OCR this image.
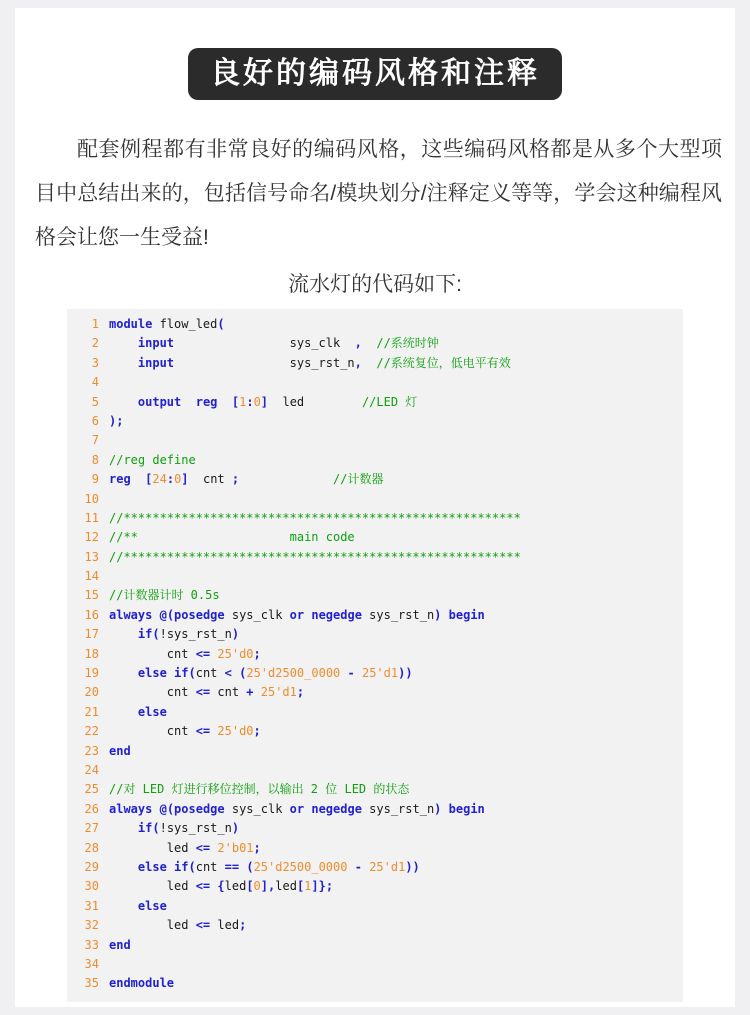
良好的编码风格和注释

配套例程都有非常良好的编码风格，这些编码风格都是从多个大型项目中总结出来的，包括信号命名/模块划分/注释定义等等，学会这种编程风格会让您一生受益!

流水灯的代码如下:
1 module flow_led(
2	input	sys_clk  , //系统时钟
3	input	sys_rst_n, //系统复位，低电平有效
4
5	output reg [1:0]  led	//LED 灯
6 );
7
8 //reg define
9 reg [24:0]  cnt ;	//计数器
10
11 //*******************************************************
12 //**                     main code
13 //*******************************************************
14
15 //计数器计时 0.5s
16 always @(posedge sys_clk or negedge sys_rst_n) begin
17	if(!sys_rst_n)
18        cnt <= 25'd0;
19	else if(cnt < (25'd2500_0000 - 25'd1))
20        cnt <= cnt + 25'd1;
21	else
22        cnt <= 25'd0;
23 end
24
25 //对 LED 灯进行移位控制，以输出 2 位 LED 的状态
26 always @(posedge sys_clk or negedge sys_rst_n) begin
27	if(!sys_rst_n)
28        led <= 2'b01;
29	else if(cnt == (25'd2500_0000 - 25'd1))
30        led <= {led[0],led[1]};
31	else
32        led <= led;
33 end
34
35 endmodule
